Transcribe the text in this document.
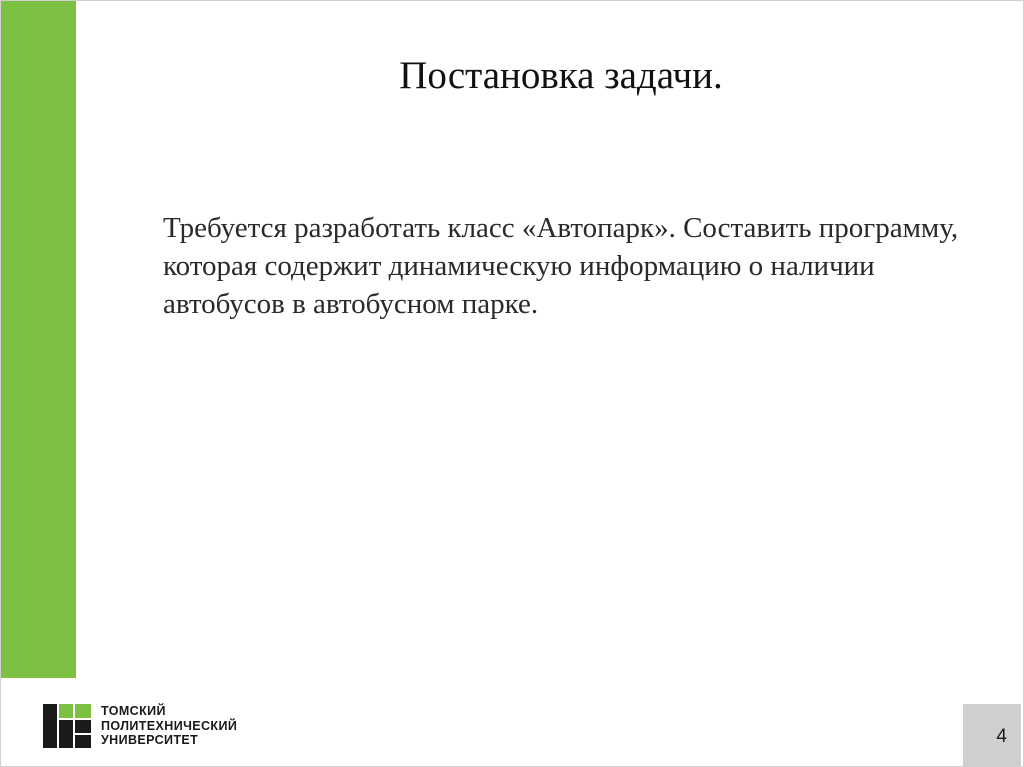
Постановка задачи.

Требуется разработать класс «Автопарк». Составить программу, которая содержит динамическую информацию о наличии автобусов в автобусном парке.

ТОМСКИЙ
ПОЛИТЕХНИЧЕСКИЙ
УНИВЕРСИТЕТ	4
